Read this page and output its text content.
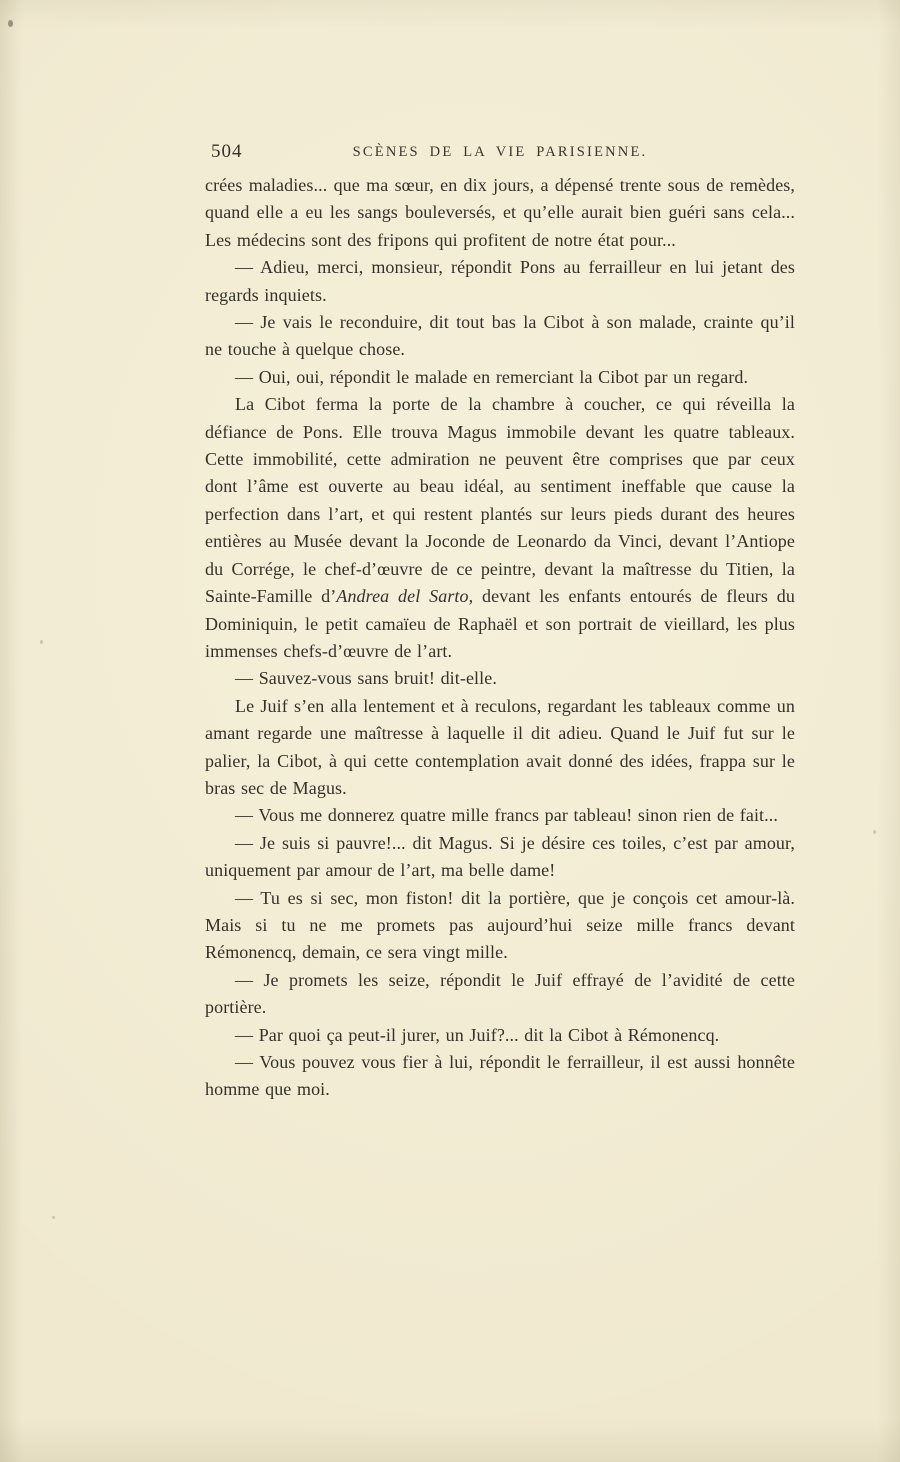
504	SCÈNES DE LA VIE PARISIENNE.

crées maladies... que ma sœur, en dix jours, a dépensé trente sous de remèdes, quand elle a eu les sangs bouleversés, et qu’elle aurait bien guéri sans cela... Les médecins sont des fripons qui profitent de notre état pour...

— Adieu, merci, monsieur, répondit Pons au ferrailleur en lui jetant des regards inquiets.

— Je vais le reconduire, dit tout bas la Cibot à son malade, crainte qu’il ne touche à quelque chose.

— Oui, oui, répondit le malade en remerciant la Cibot par un regard.

La Cibot ferma la porte de la chambre à coucher, ce qui réveilla la défiance de Pons. Elle trouva Magus immobile devant les quatre tableaux. Cette immobilité, cette admiration ne peuvent être comprises que par ceux dont l’âme est ouverte au beau idéal, au sentiment ineffable que cause la perfection dans l’art, et qui restent plantés sur leurs pieds durant des heures entières au Musée devant la Joconde de Leonardo da Vinci, devant l’Antiope du Corrége, le chef-d’œuvre de ce peintre, devant la maîtresse du Titien, la Sainte-Famille d’Andrea del Sarto, devant les enfants entourés de fleurs du Dominiquin, le petit camaïeu de Raphaël et son portrait de vieillard, les plus immenses chefs-d’œuvre de l’art.

— Sauvez-vous sans bruit! dit-elle.

Le Juif s’en alla lentement et à reculons, regardant les tableaux comme un amant regarde une maîtresse à laquelle il dit adieu. Quand le Juif fut sur le palier, la Cibot, à qui cette contemplation avait donné des idées, frappa sur le bras sec de Magus.

— Vous me donnerez quatre mille francs par tableau! sinon rien de fait...

— Je suis si pauvre!... dit Magus. Si je désire ces toiles, c’est par amour, uniquement par amour de l’art, ma belle dame!

— Tu es si sec, mon fiston! dit la portière, que je conçois cet amour-là. Mais si tu ne me promets pas aujourd’hui seize mille francs devant Rémonencq, demain, ce sera vingt mille.

— Je promets les seize, répondit le Juif effrayé de l’avidité de cette portière.

— Par quoi ça peut-il jurer, un Juif?... dit la Cibot à Rémonencq.

— Vous pouvez vous fier à lui, répondit le ferrailleur, il est aussi honnête homme que moi.
